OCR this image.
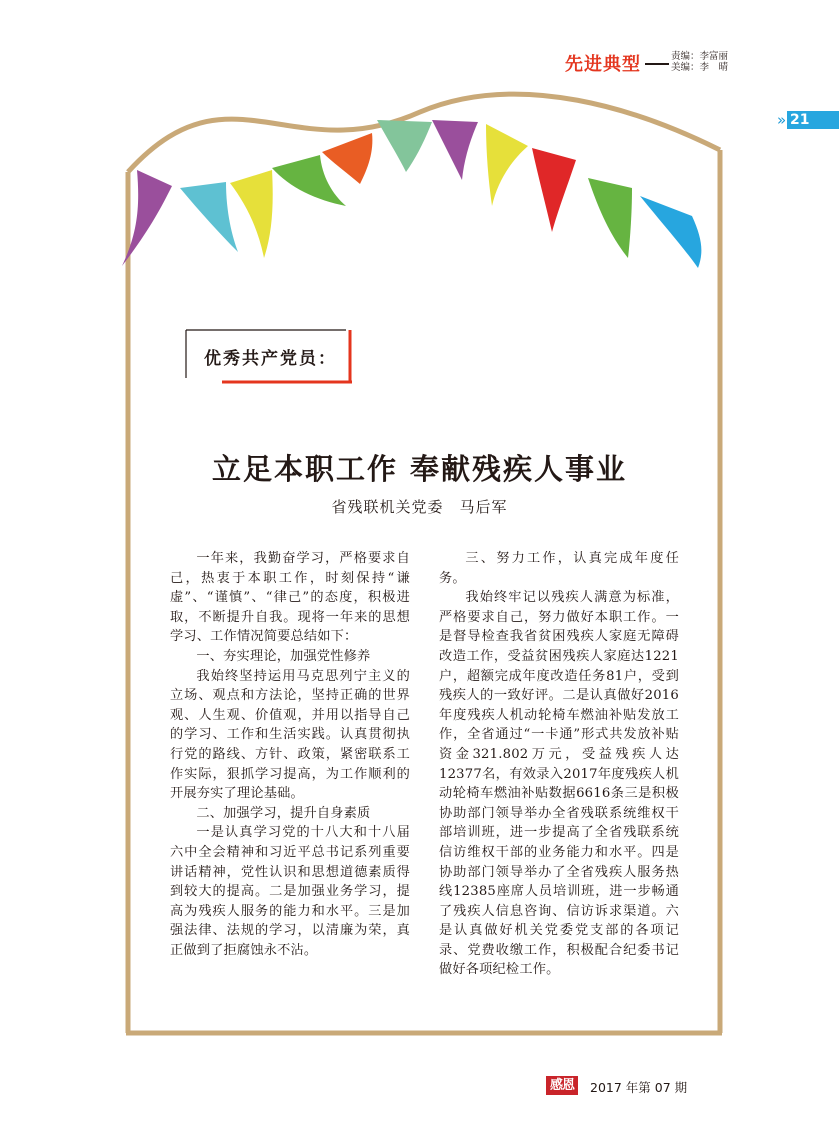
先进典型	责编：李富丽
美编：李　晴
» 21
优秀共产党员：
立足本职工作 奉献残疾人事业
省残联机关党委　马后军

一年来，我勤奋学习，严格要求自己，热衷于本职工作，时刻保持“谦虚”、“谨慎”、“律己”的态度，积极进取，不断提升自我。现将一年来的思想学习、工作情况简要总结如下：

一、夯实理论，加强党性修养

我始终坚持运用马克思列宁主义的立场、观点和方法论，坚持正确的世界观、人生观、价值观，并用以指导自己的学习、工作和生活实践。认真贯彻执行党的路线、方针、政策，紧密联系工作实际，狠抓学习提高，为工作顺利的开展夯实了理论基础。

二、加强学习，提升自身素质

一是认真学习党的十八大和十八届六中全会精神和习近平总书记系列重要讲话精神，党性认识和思想道德素质得到较大的提高。二是加强业务学习，提高为残疾人服务的能力和水平。三是加强法律、法规的学习，以清廉为荣，真正做到了拒腐蚀永不沾。

三、努力工作，认真完成年度任务。

我始终牢记以残疾人满意为标准，严格要求自己，努力做好本职工作。一是督导检查我省贫困残疾人家庭无障碍改造工作，受益贫困残疾人家庭达1221户，超额完成年度改造任务81户，受到残疾人的一致好评。二是认真做好2016年度残疾人机动轮椅车燃油补贴发放工作，全省通过“一卡通”形式共发放补贴资金321.802万元，受益残疾人达12377名，有效录入2017年度残疾人机动轮椅车燃油补贴数据6616条三是积极协助部门领导举办全省残联系统维权干部培训班，进一步提高了全省残联系统信访维权干部的业务能力和水平。四是协助部门领导举办了全省残疾人服务热线12385座席人员培训班，进一步畅通了残疾人信息咨询、信访诉求渠道。六是认真做好机关党委党支部的各项记录、党费收缴工作，积极配合纪委书记做好各项纪检工作。

感恩	2017 年第 07 期
